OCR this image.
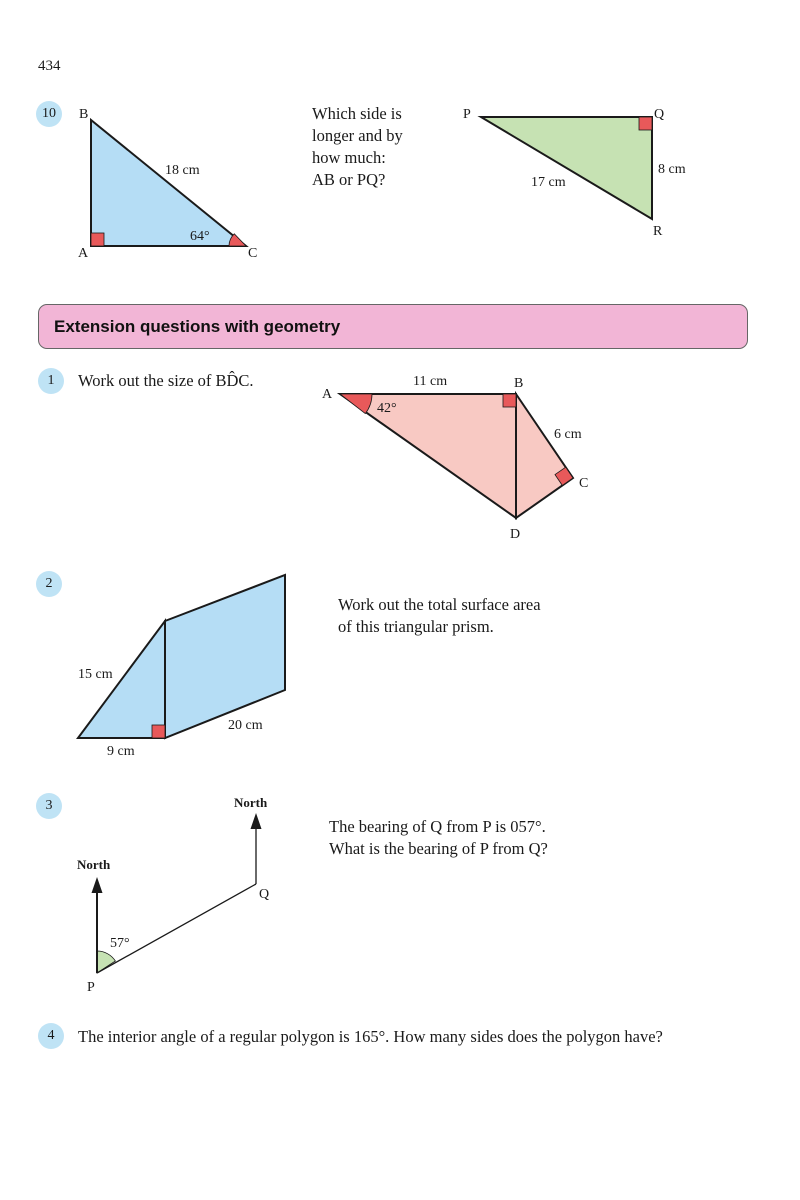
434
10	B
A	C
18 cm
64°
P	Q
R
17 cm
8 cm
Which side is
longer and by
how much:
AB or PQ?
Extension questions with geometry
1	Work out the size of BD̂C.
A
B
C
D
11 cm
6 cm
42°
2
15 cm
9 cm
20 cm
Work out the total surface area
of this triangular prism.
3
North
North
P
Q
57°
The bearing of Q from P is 057°.
What is the bearing of P from Q?
4	The interior angle of a regular polygon is 165°. How many sides does the polygon have?
